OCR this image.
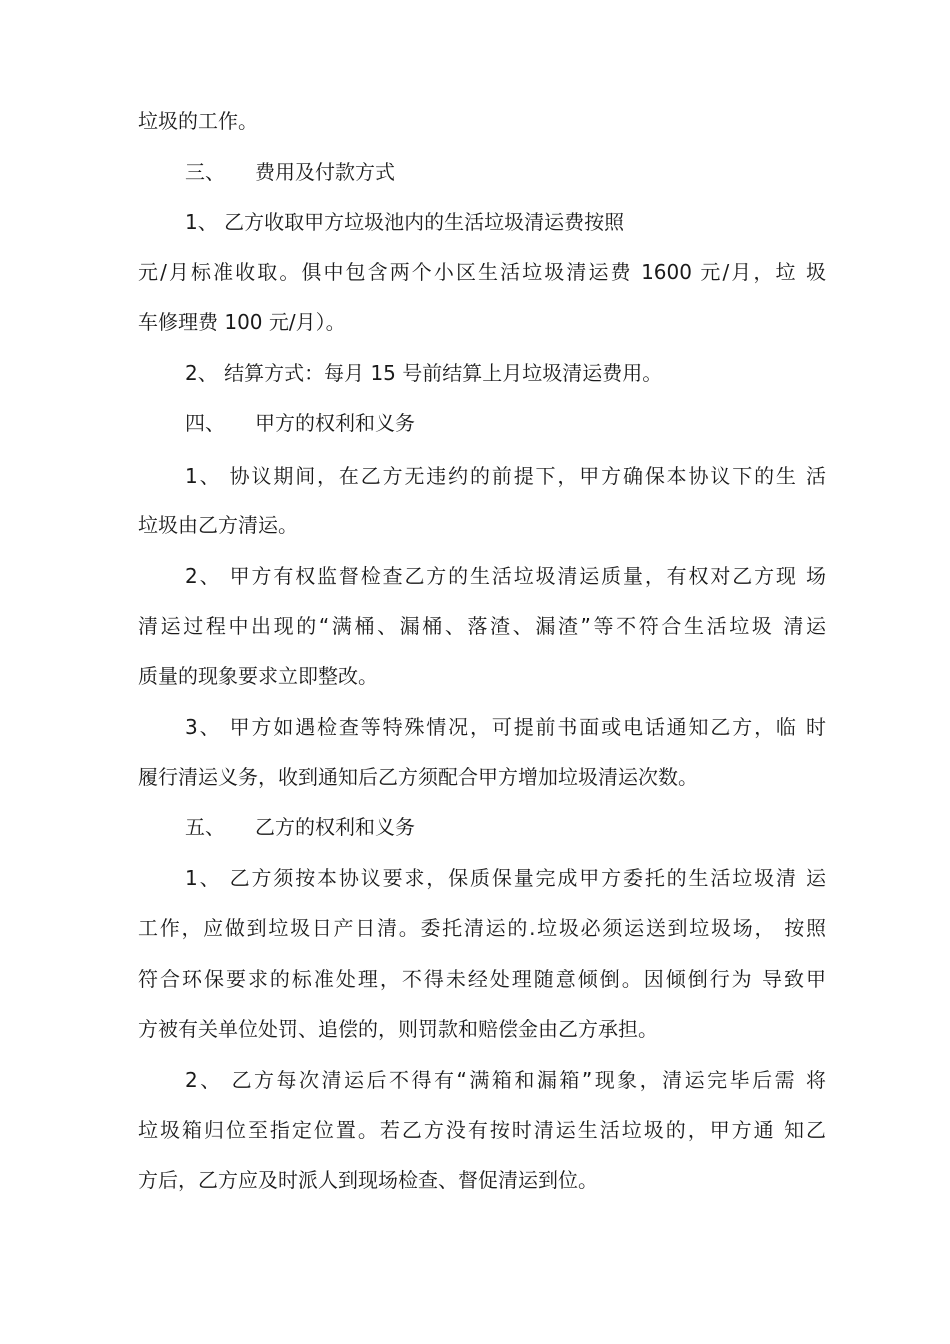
垃圾的工作。
三、 费用及付款方式
1、 乙方收取甲方垃圾池内的生活垃圾清运费按照
元/月标准收取。俱中包含两个小区生活垃圾清运费 1600 元/月，垃 圾
车修理费 100 元/月）。
2、 结算方式：每月 15 号前结算上月垃圾清运费用。
四、 甲方的权利和义务
1、 协议期间，在乙方无违约的前提下，甲方确保本协议下的生 活
垃圾由乙方清运。
2、 甲方有权监督检查乙方的生活垃圾清运质量，有权对乙方现 场
清运过程中出现的“满桶、漏桶、落渣、漏渣”等不符合生活垃圾 清运
质量的现象要求立即整改。
3、 甲方如遇检查等特殊情况，可提前书面或电话通知乙方，临 时
履行清运义务，收到通知后乙方须配合甲方增加垃圾清运次数。
五、 乙方的权利和义务
1、 乙方须按本协议要求，保质保量完成甲方委托的生活垃圾清 运
工作，应做到垃圾日产日清。委托清运的.垃圾必须运送到垃圾场， 按照
符合环保要求的标准处理，不得未经处理随意倾倒。因倾倒行为 导致甲
方被有关单位处罚、追偿的，则罚款和赔偿金由乙方承担。
2、 乙方每次清运后不得有“满箱和漏箱”现象，清运完毕后需 将
垃圾箱归位至指定位置。若乙方没有按时清运生活垃圾的，甲方通 知乙
方后，乙方应及时派人到现场检查、督促清运到位。
